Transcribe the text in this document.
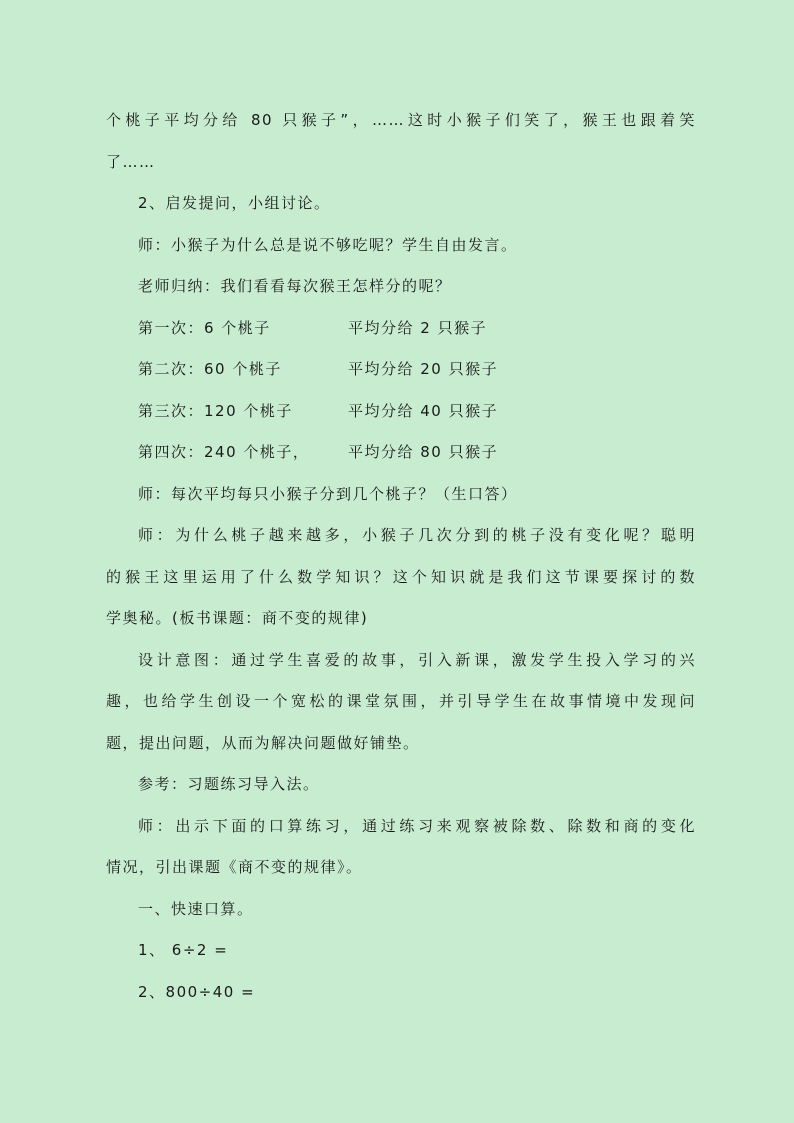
个桃子平均分给 80 只猴子”，……这时小猴子们笑了，猴王也跟着笑
了……
2、启发提问，小组讨论。
师：小猴子为什么总是说不够吃呢？学生自由发言。
老师归纳：我们看看每次猴王怎样分的呢？
第一次：6 个桃子	平均分给 2 只猴子
第二次：60 个桃子	平均分给 20 只猴子
第三次：120 个桃子	平均分给 40 只猴子
第四次：240 个桃子，	平均分给 80 只猴子
师：每次平均每只小猴子分到几个桃子？（生口答）
师：为什么桃子越来越多，小猴子几次分到的桃子没有变化呢？聪明
的猴王这里运用了什么数学知识？这个知识就是我们这节课要探讨的数
学奥秘。(板书课题：商不变的规律)
设计意图：通过学生喜爱的故事，引入新课，激发学生投入学习的兴
趣，也给学生创设一个宽松的课堂氛围，并引导学生在故事情境中发现问
题，提出问题，从而为解决问题做好铺垫。
参考：习题练习导入法。
师：出示下面的口算练习，通过练习来观察被除数、除数和商的变化
情况，引出课题《商不变的规律》。
一、快速口算。
1、 6÷2 =
2、800÷40 =
